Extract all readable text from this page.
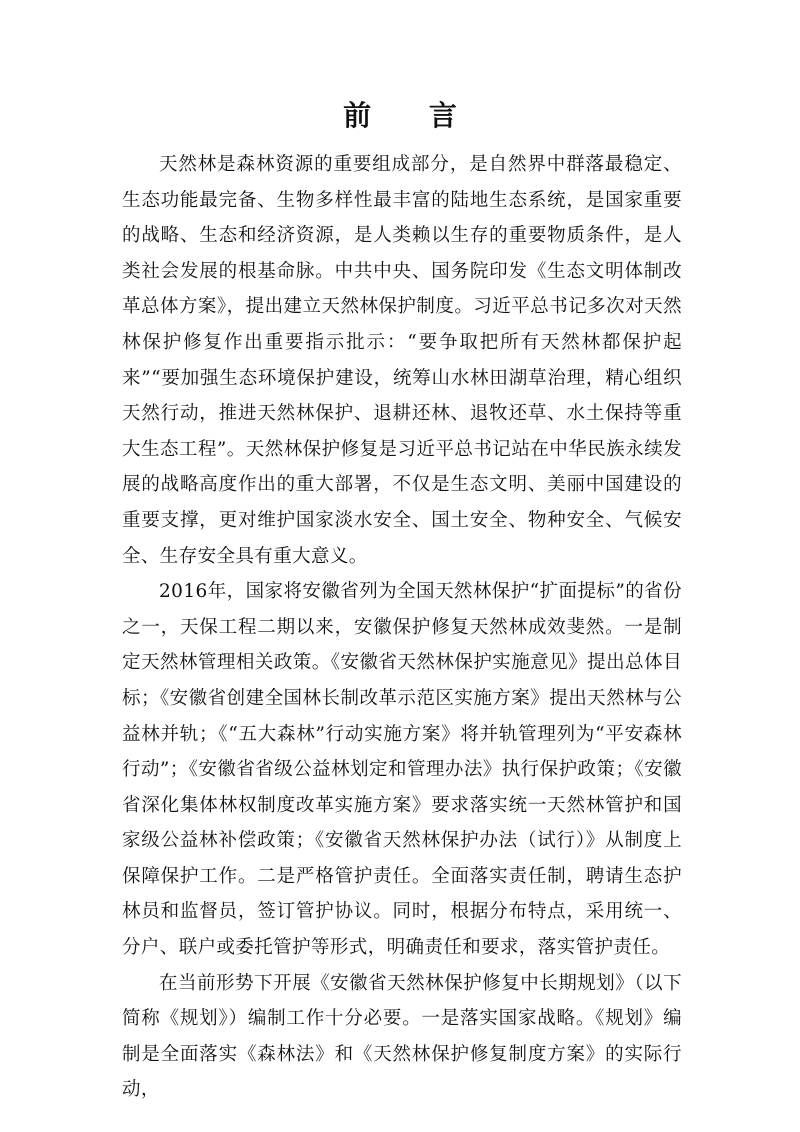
前 言

天然林是森林资源的重要组成部分，是自然界中群落最稳定、生态功能最完备、生物多样性最丰富的陆地生态系统，是国家重要的战略、生态和经济资源，是人类赖以生存的重要物质条件，是人类社会发展的根基命脉。中共中央、国务院印发《生态文明体制改革总体方案》，提出建立天然林保护制度。习近平总书记多次对天然林保护修复作出重要指示批示：“要争取把所有天然林都保护起来”“要加强生态环境保护建设，统筹山水林田湖草治理，精心组织天然行动，推进天然林保护、退耕还林、退牧还草、水土保持等重大生态工程”。天然林保护修复是习近平总书记站在中华民族永续发展的战略高度作出的重大部署，不仅是生态文明、美丽中国建设的重要支撑，更对维护国家淡水安全、国土安全、物种安全、气候安全、生存安全具有重大意义。

2016年，国家将安徽省列为全国天然林保护“扩面提标”的省份之一，天保工程二期以来，安徽保护修复天然林成效斐然。一是制定天然林管理相关政策。《安徽省天然林保护实施意见》提出总体目标；《安徽省创建全国林长制改革示范区实施方案》提出天然林与公益林并轨；《“五大森林”行动实施方案》将并轨管理列为“平安森林行动”；《安徽省省级公益林划定和管理办法》执行保护政策；《安徽省深化集体林权制度改革实施方案》要求落实统一天然林管护和国家级公益林补偿政策；《安徽省天然林保护办法（试行）》从制度上保障保护工作。二是严格管护责任。全面落实责任制，聘请生态护林员和监督员，签订管护协议。同时，根据分布特点，采用统一、分户、联户或委托管护等形式，明确责任和要求，落实管护责任。

在当前形势下开展《安徽省天然林保护修复中长期规划》（以下简称《规划》）编制工作十分必要。一是落实国家战略。《规划》编制是全面落实《森林法》和《天然林保护修复制度方案》的实际行动，
